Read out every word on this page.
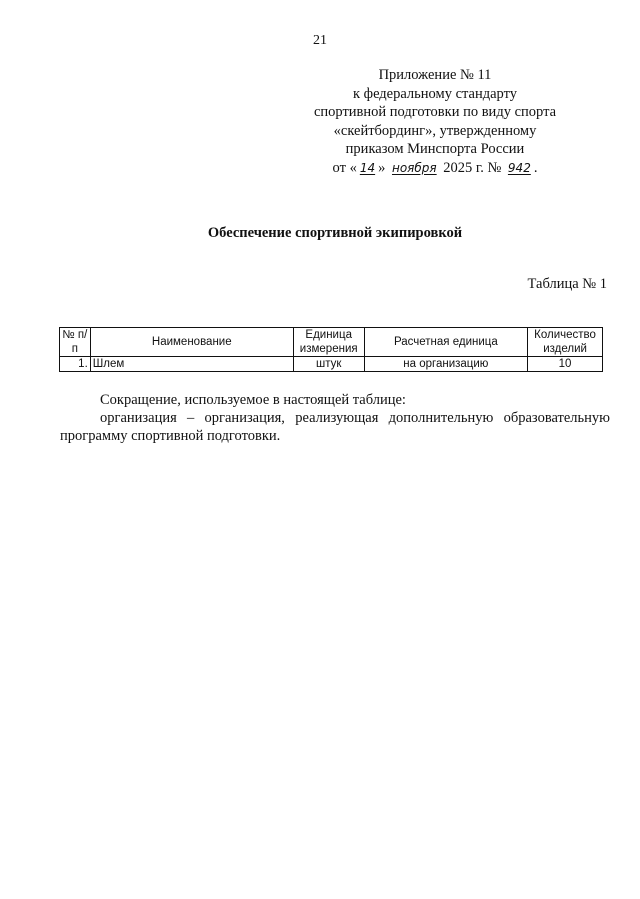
21
Приложение № 11
к федеральному стандарту
спортивной подготовки по виду спорта
«скейтбординг», утвержденному
приказом Минспорта России
от « 14 » ноября 2025 г. № 942 .
Обеспечение спортивной экипировкой
Таблица № 1
№ п/п	Наименование	Единица измерения	Расчетная единица	Количество изделий
1.	Шлем	штук	на организацию	10

Сокращение, используемое в настоящей таблице:

организация – организация, реализующая дополнительную образовательную программу спортивной подготовки.
